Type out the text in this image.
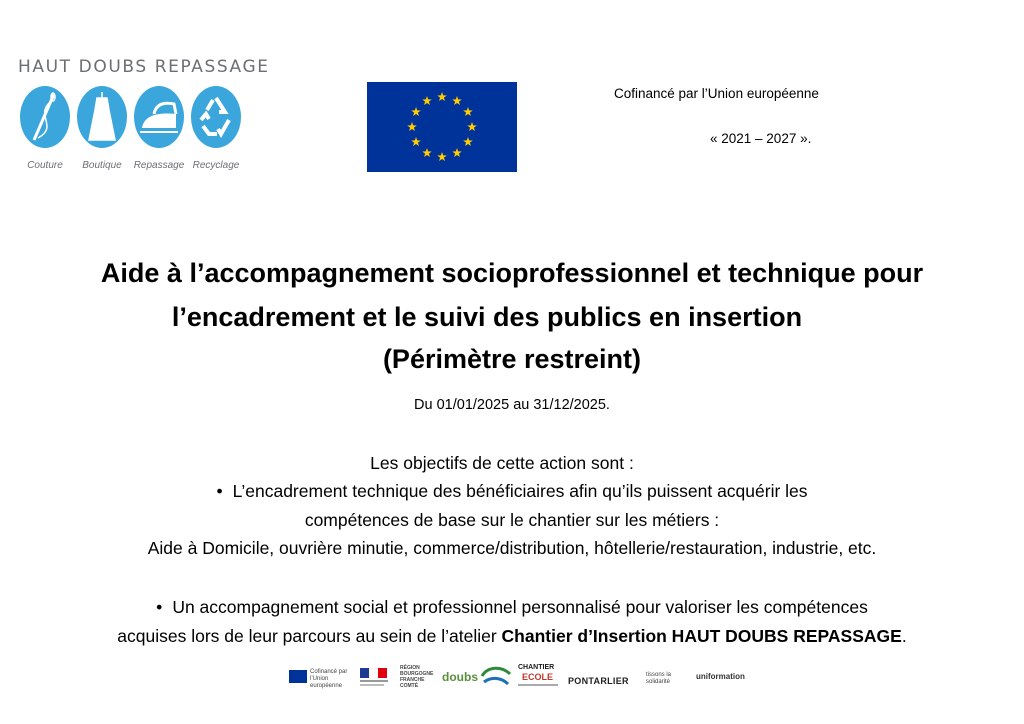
HAUT DOUBS REPASSAGE
Couture	Boutique	Repassage Recyclage
Cofinancé par l’Union européenne
« 2021 – 2027 ».
Aide à l’accompagnement socioprofessionnel et technique pour
l’encadrement et le suivi des publics en insertion
(Périmètre restreint)
Du 01/01/2025 au 31/12/2025.
Les objectifs de cette action sont :
• L’encadrement technique des bénéficiaires afin qu’ils puissent acquérir les
compétences de base sur le chantier sur les métiers :
Aide à Domicile, ouvrière minutie, commerce/distribution, hôtellerie/restauration, industrie, etc.
• Un accompagnement social et professionnel personnalisé pour valoriser les compétences
acquises lors de leur parcours au sein de l’atelier Chantier d’Insertion HAUT DOUBS REPASSAGE.
Cofinancé par l’Union européenne
RÉGION BOURGOGNE FRANCHE COMTÉ
doubs
CHANTIER
ECOLE PONTARLIER
tissons la solidarité
uniformation
